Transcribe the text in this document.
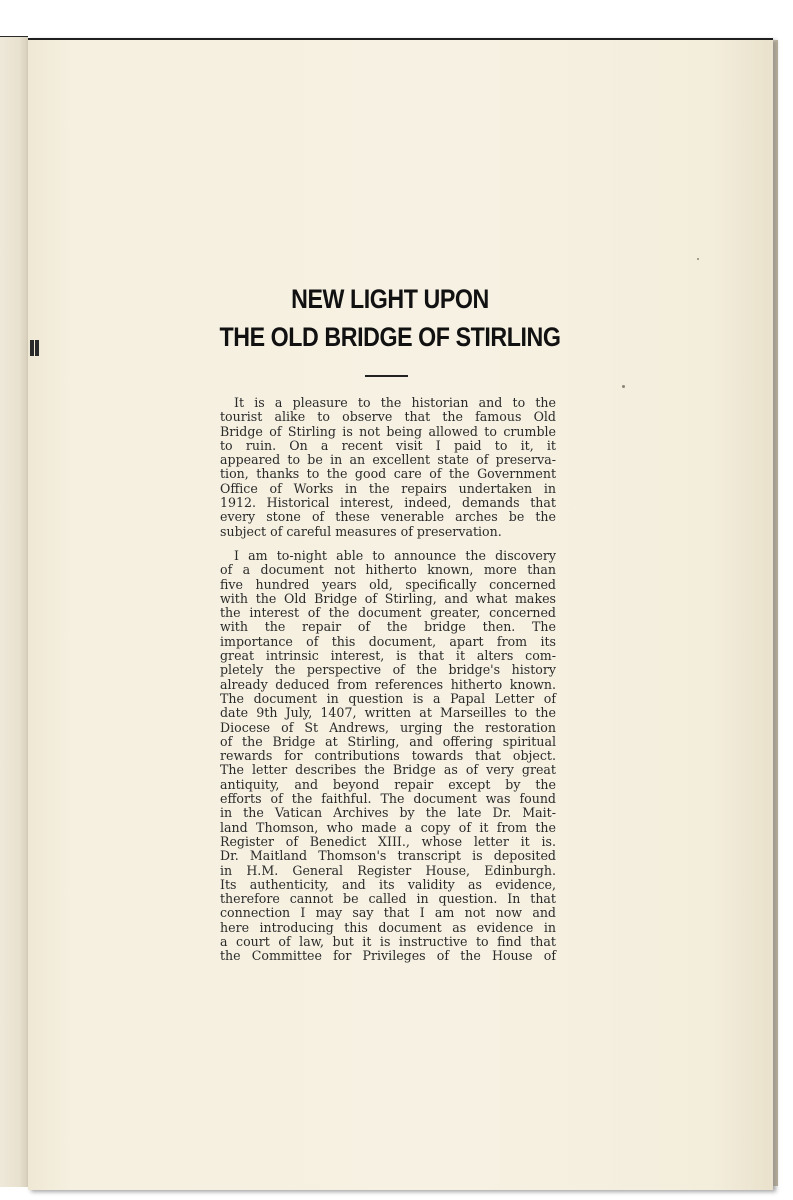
NEW LIGHT UPON
THE OLD BRIDGE OF STIRLING
It is a pleasure to the historian and to the
tourist alike to observe that the famous Old
Bridge of Stirling is not being allowed to crumble
to ruin. On a recent visit I paid to it, it
appeared to be in an excellent state of preserva-
tion, thanks to the good care of the Government
Office of Works in the repairs undertaken in
1912. Historical interest, indeed, demands that
every stone of these venerable arches be the
subject of careful measures of preservation.
I am to-night able to announce the discovery
of a document not hitherto known, more than
five hundred years old, specifically concerned
with the Old Bridge of Stirling, and what makes
the interest of the document greater, concerned
with the repair of the bridge then. The
importance of this document, apart from its
great intrinsic interest, is that it alters com-
pletely the perspective of the bridge's history
already deduced from references hitherto known.
The document in question is a Papal Letter of
date 9th July, 1407, written at Marseilles to the
Diocese of St Andrews, urging the restoration
of the Bridge at Stirling, and offering spiritual
rewards for contributions towards that object.
The letter describes the Bridge as of very great
antiquity, and beyond repair except by the
efforts of the faithful. The document was found
in the Vatican Archives by the late Dr. Mait-
land Thomson, who made a copy of it from the
Register of Benedict XIII., whose letter it is.
Dr. Maitland Thomson's transcript is deposited
in H.M. General Register House, Edinburgh.
Its authenticity, and its validity as evidence,
therefore cannot be called in question. In that
connection I may say that I am not now and
here introducing this document as evidence in
a court of law, but it is instructive to find that
the Committee for Privileges of the House of
